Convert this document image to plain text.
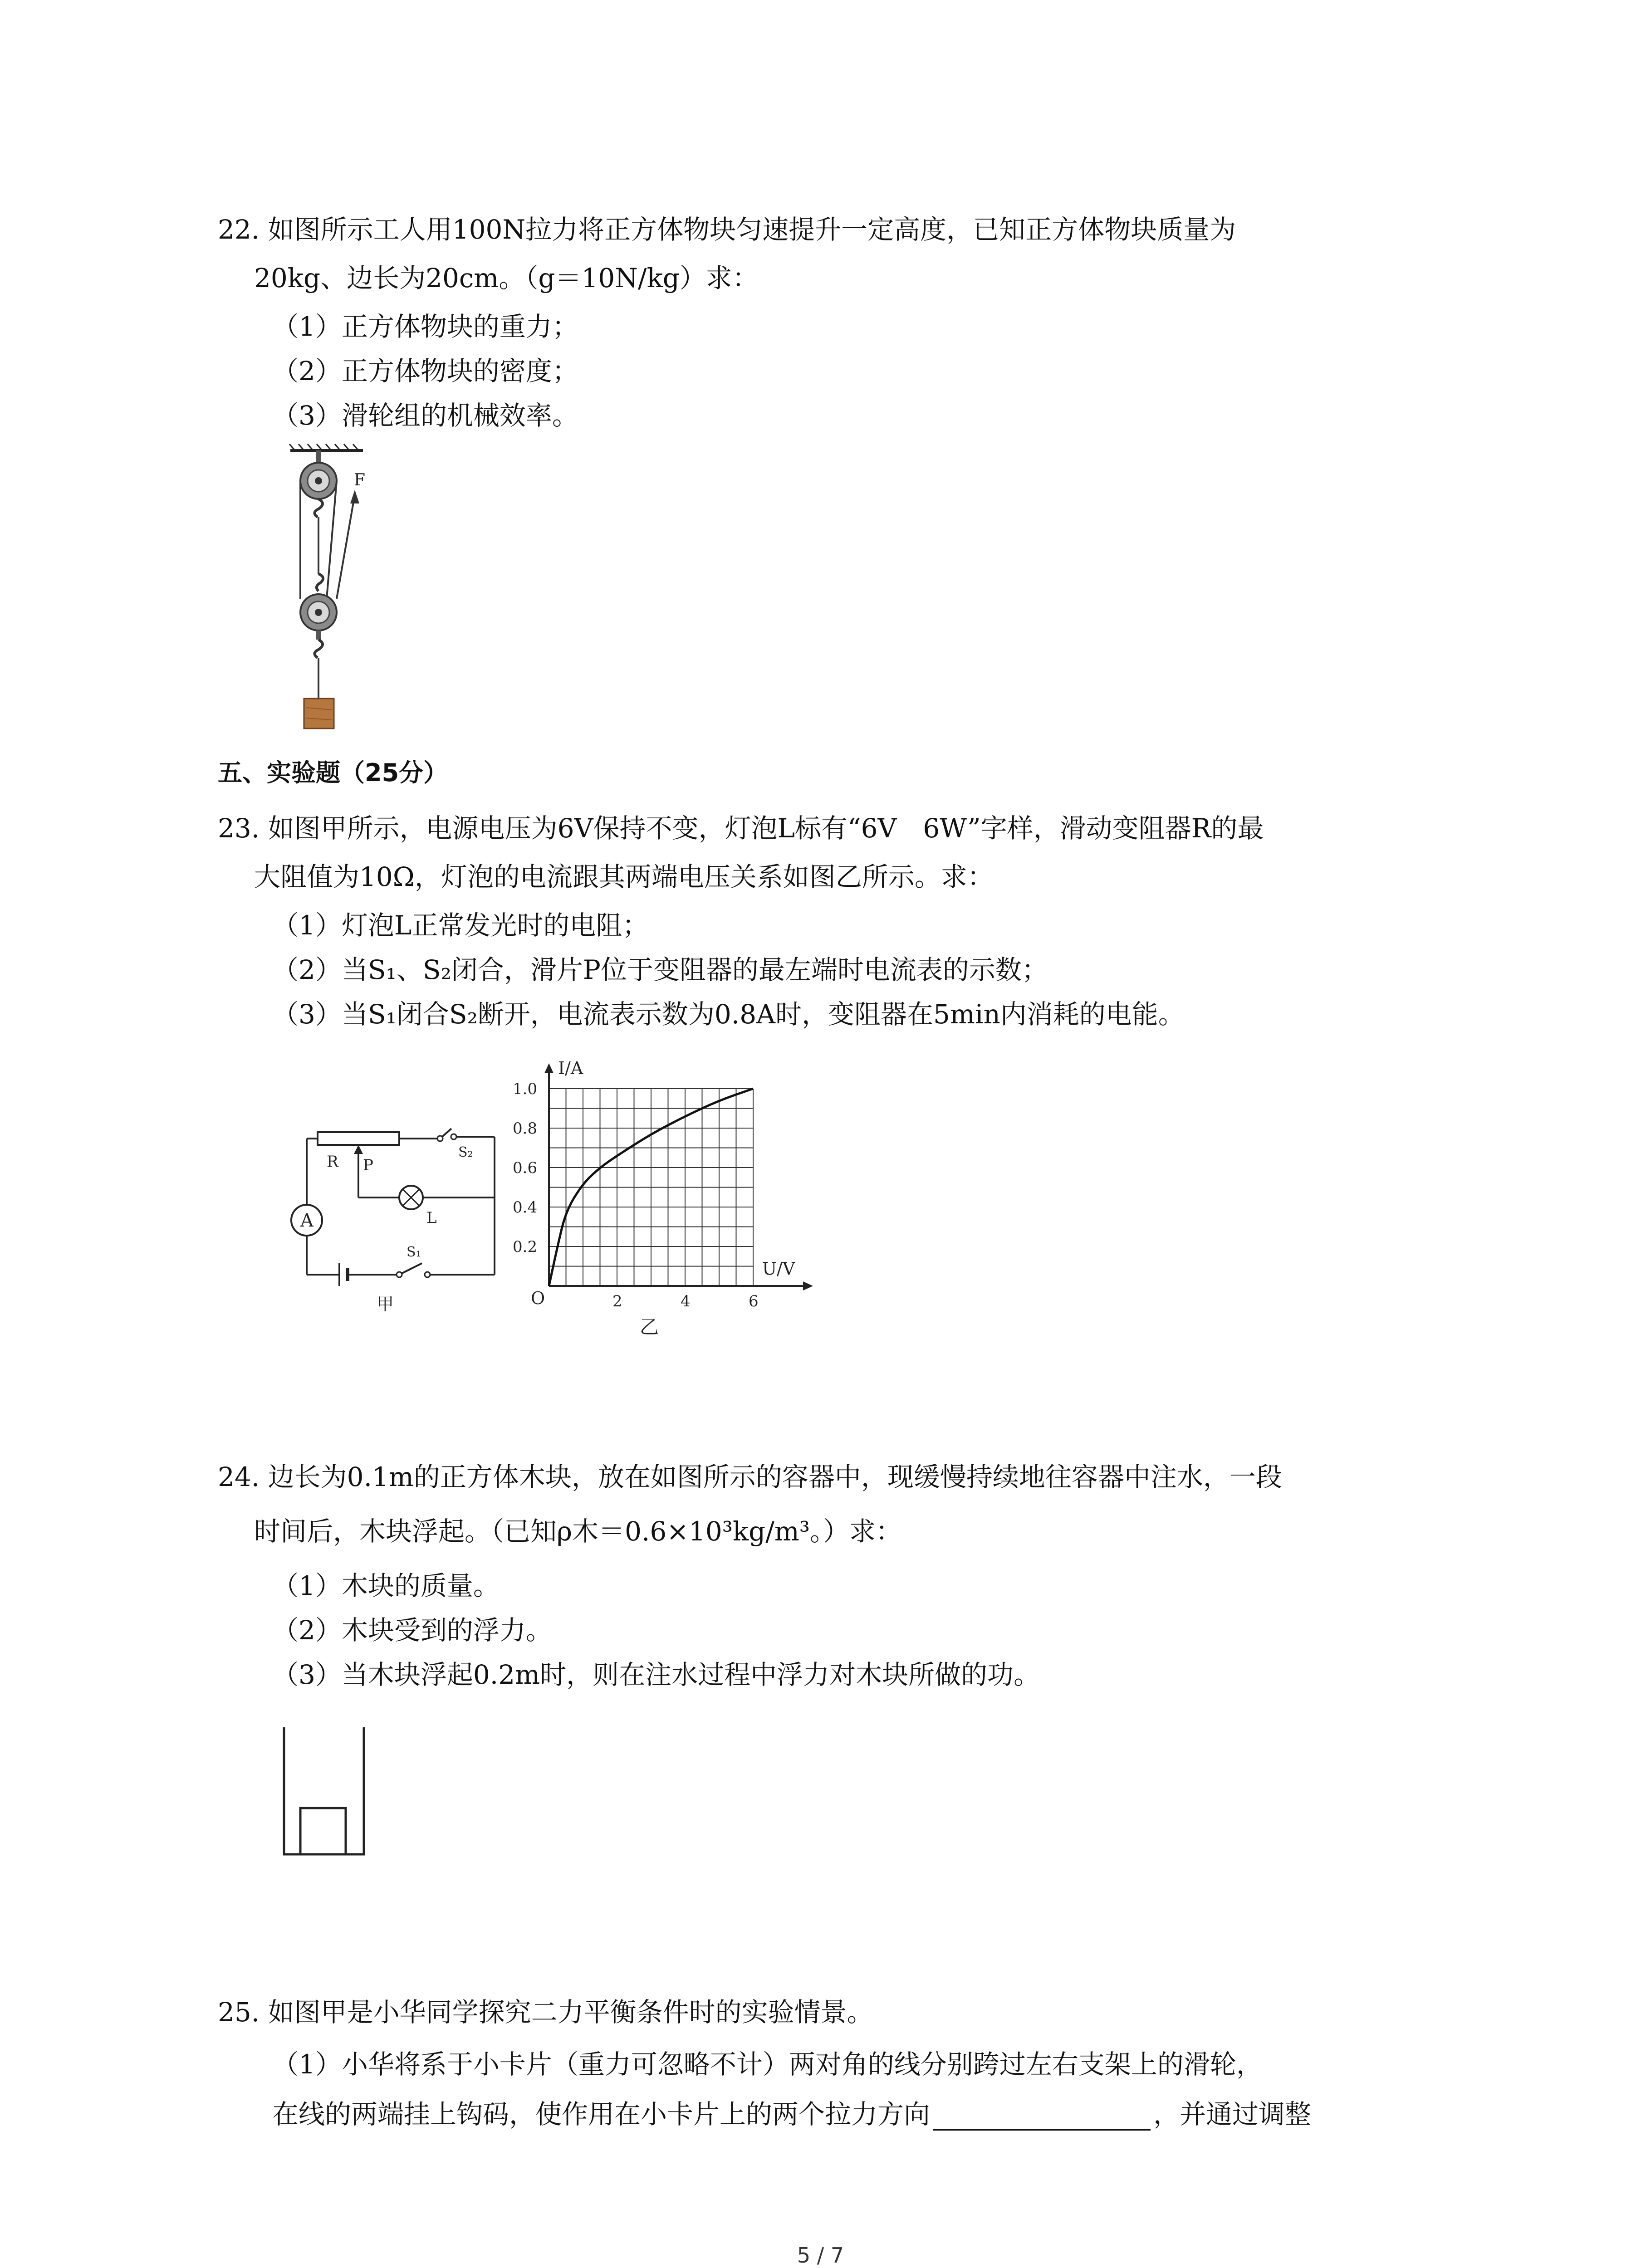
22. 如图所示工人用100N拉力将正方体物块匀速提升一定高度，已知正方体物块质量为
20kg、边长为20cm。（g＝10N/kg）求：
（1）正方体物块的重力；
（2）正方体物块的密度；
（3）滑轮组的机械效率。
F
五、实验题（25分）
23. 如图甲所示，电源电压为6V保持不变，灯泡L标有“6V　6W”字样，滑动变阻器R的最
大阻值为10Ω，灯泡的电流跟其两端电压关系如图乙所示。求：
（1）灯泡L正常发光时的电阻；
（2）当S₁、S₂闭合，滑片P位于变阻器的最左端时电流表的示数；
（3）当S₁闭合S₂断开，电流表示数为0.8A时，变阻器在5min内消耗的电能。
A
R P
S₂
L
S₁
甲
I/A
U/V
O	2	4	6
0.2
0.4
0.6
0.8
1.0
乙
24. 边长为0.1m的正方体木块，放在如图所示的容器中，现缓慢持续地往容器中注水，一段
时间后，木块浮起。（已知ρ木＝0.6×10³kg/m³。）求：
（1）木块的质量。
（2）木块受到的浮力。
（3）当木块浮起0.2m时，则在注水过程中浮力对木块所做的功。
25. 如图甲是小华同学探究二力平衡条件时的实验情景。
（1）小华将系于小卡片（重力可忽略不计）两对角的线分别跨过左右支架上的滑轮，
在线的两端挂上钩码，使作用在小卡片上的两个拉力方向	，并通过调整
5 / 7
